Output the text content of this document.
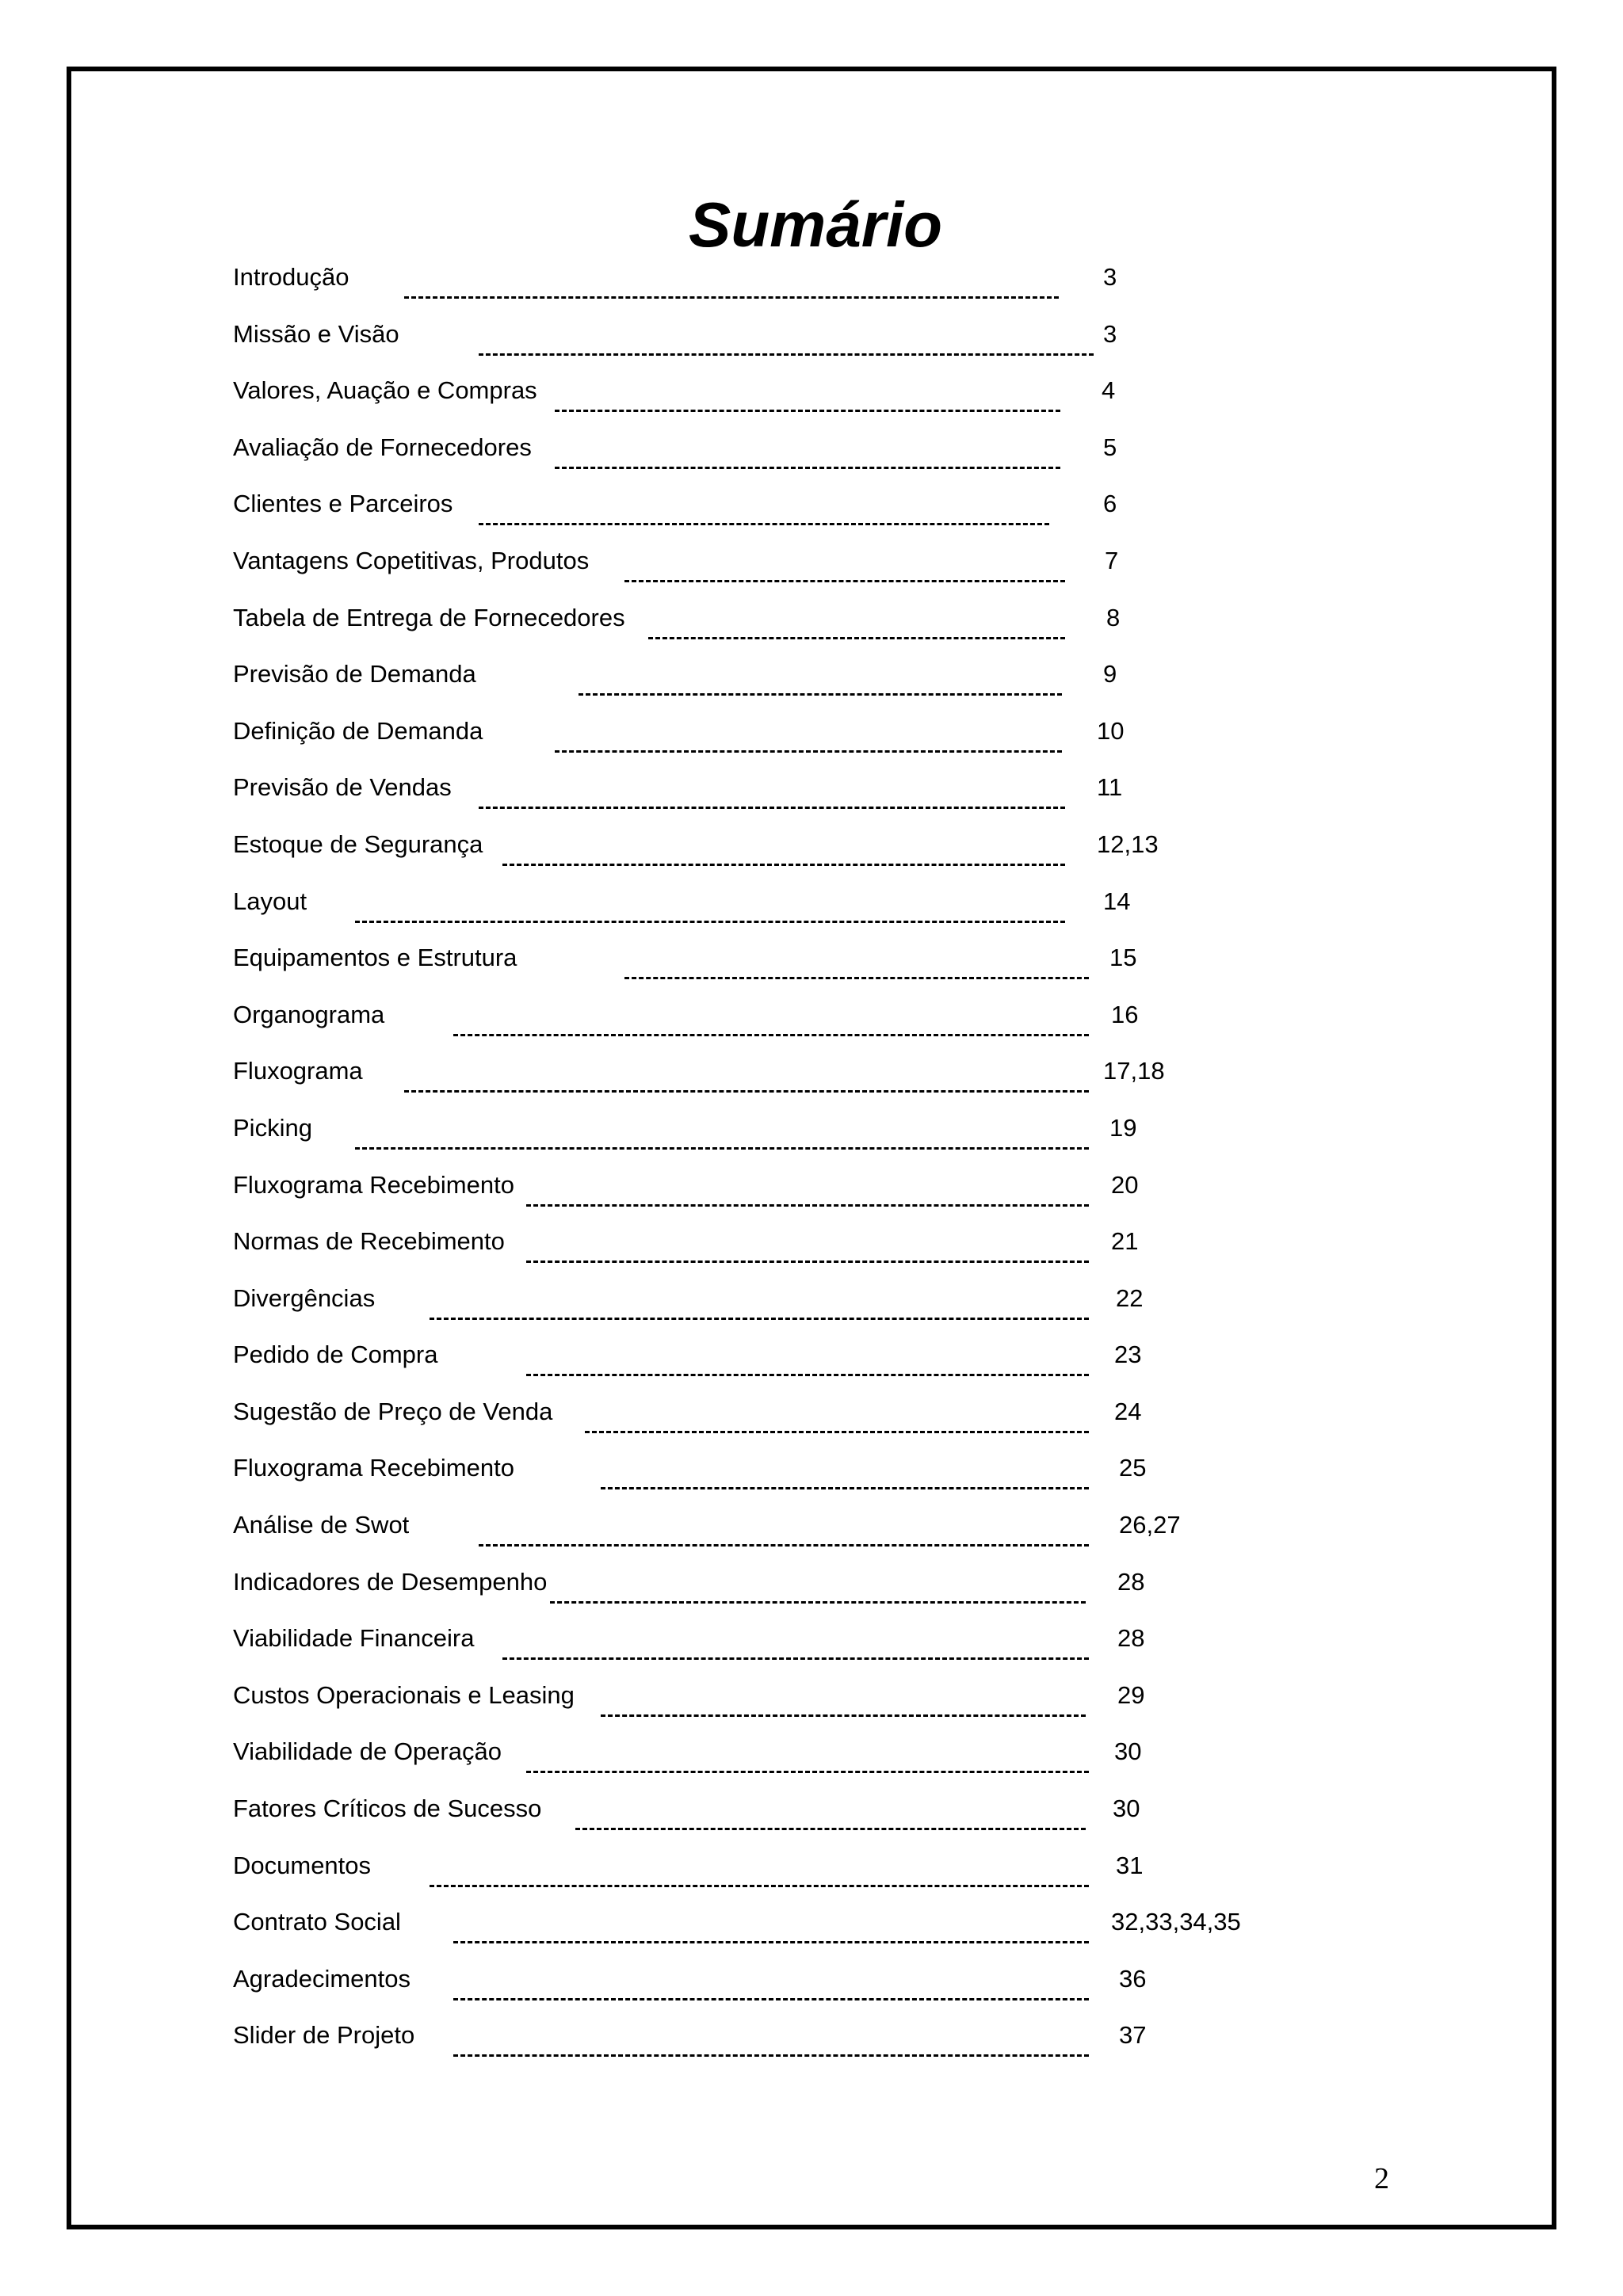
Sumário
Introdução	3
Missão e Visão	3
Valores, Auação e Compras	4
Avaliação de Fornecedores	5
Clientes e Parceiros	6
Vantagens Copetitivas, Produtos	7
Tabela de Entrega de Fornecedores	8
Previsão de Demanda	9
Definição de Demanda	10
Previsão de Vendas	11
Estoque de Segurança	12,13
Layout	14
Equipamentos e Estrutura	15
Organograma	16
Fluxograma	17,18
Picking	19
Fluxograma Recebimento	20
Normas de Recebimento	21
Divergências	22
Pedido de Compra	23
Sugestão de Preço de Venda	24
Fluxograma Recebimento	25
Análise de Swot	26,27
Indicadores de Desempenho	28
Viabilidade Financeira	28
Custos Operacionais e Leasing	29
Viabilidade de Operação	30
Fatores Críticos de Sucesso	30
Documentos	31
Contrato Social	32,33,34,35
Agradecimentos	36
Slider de Projeto	37
2
